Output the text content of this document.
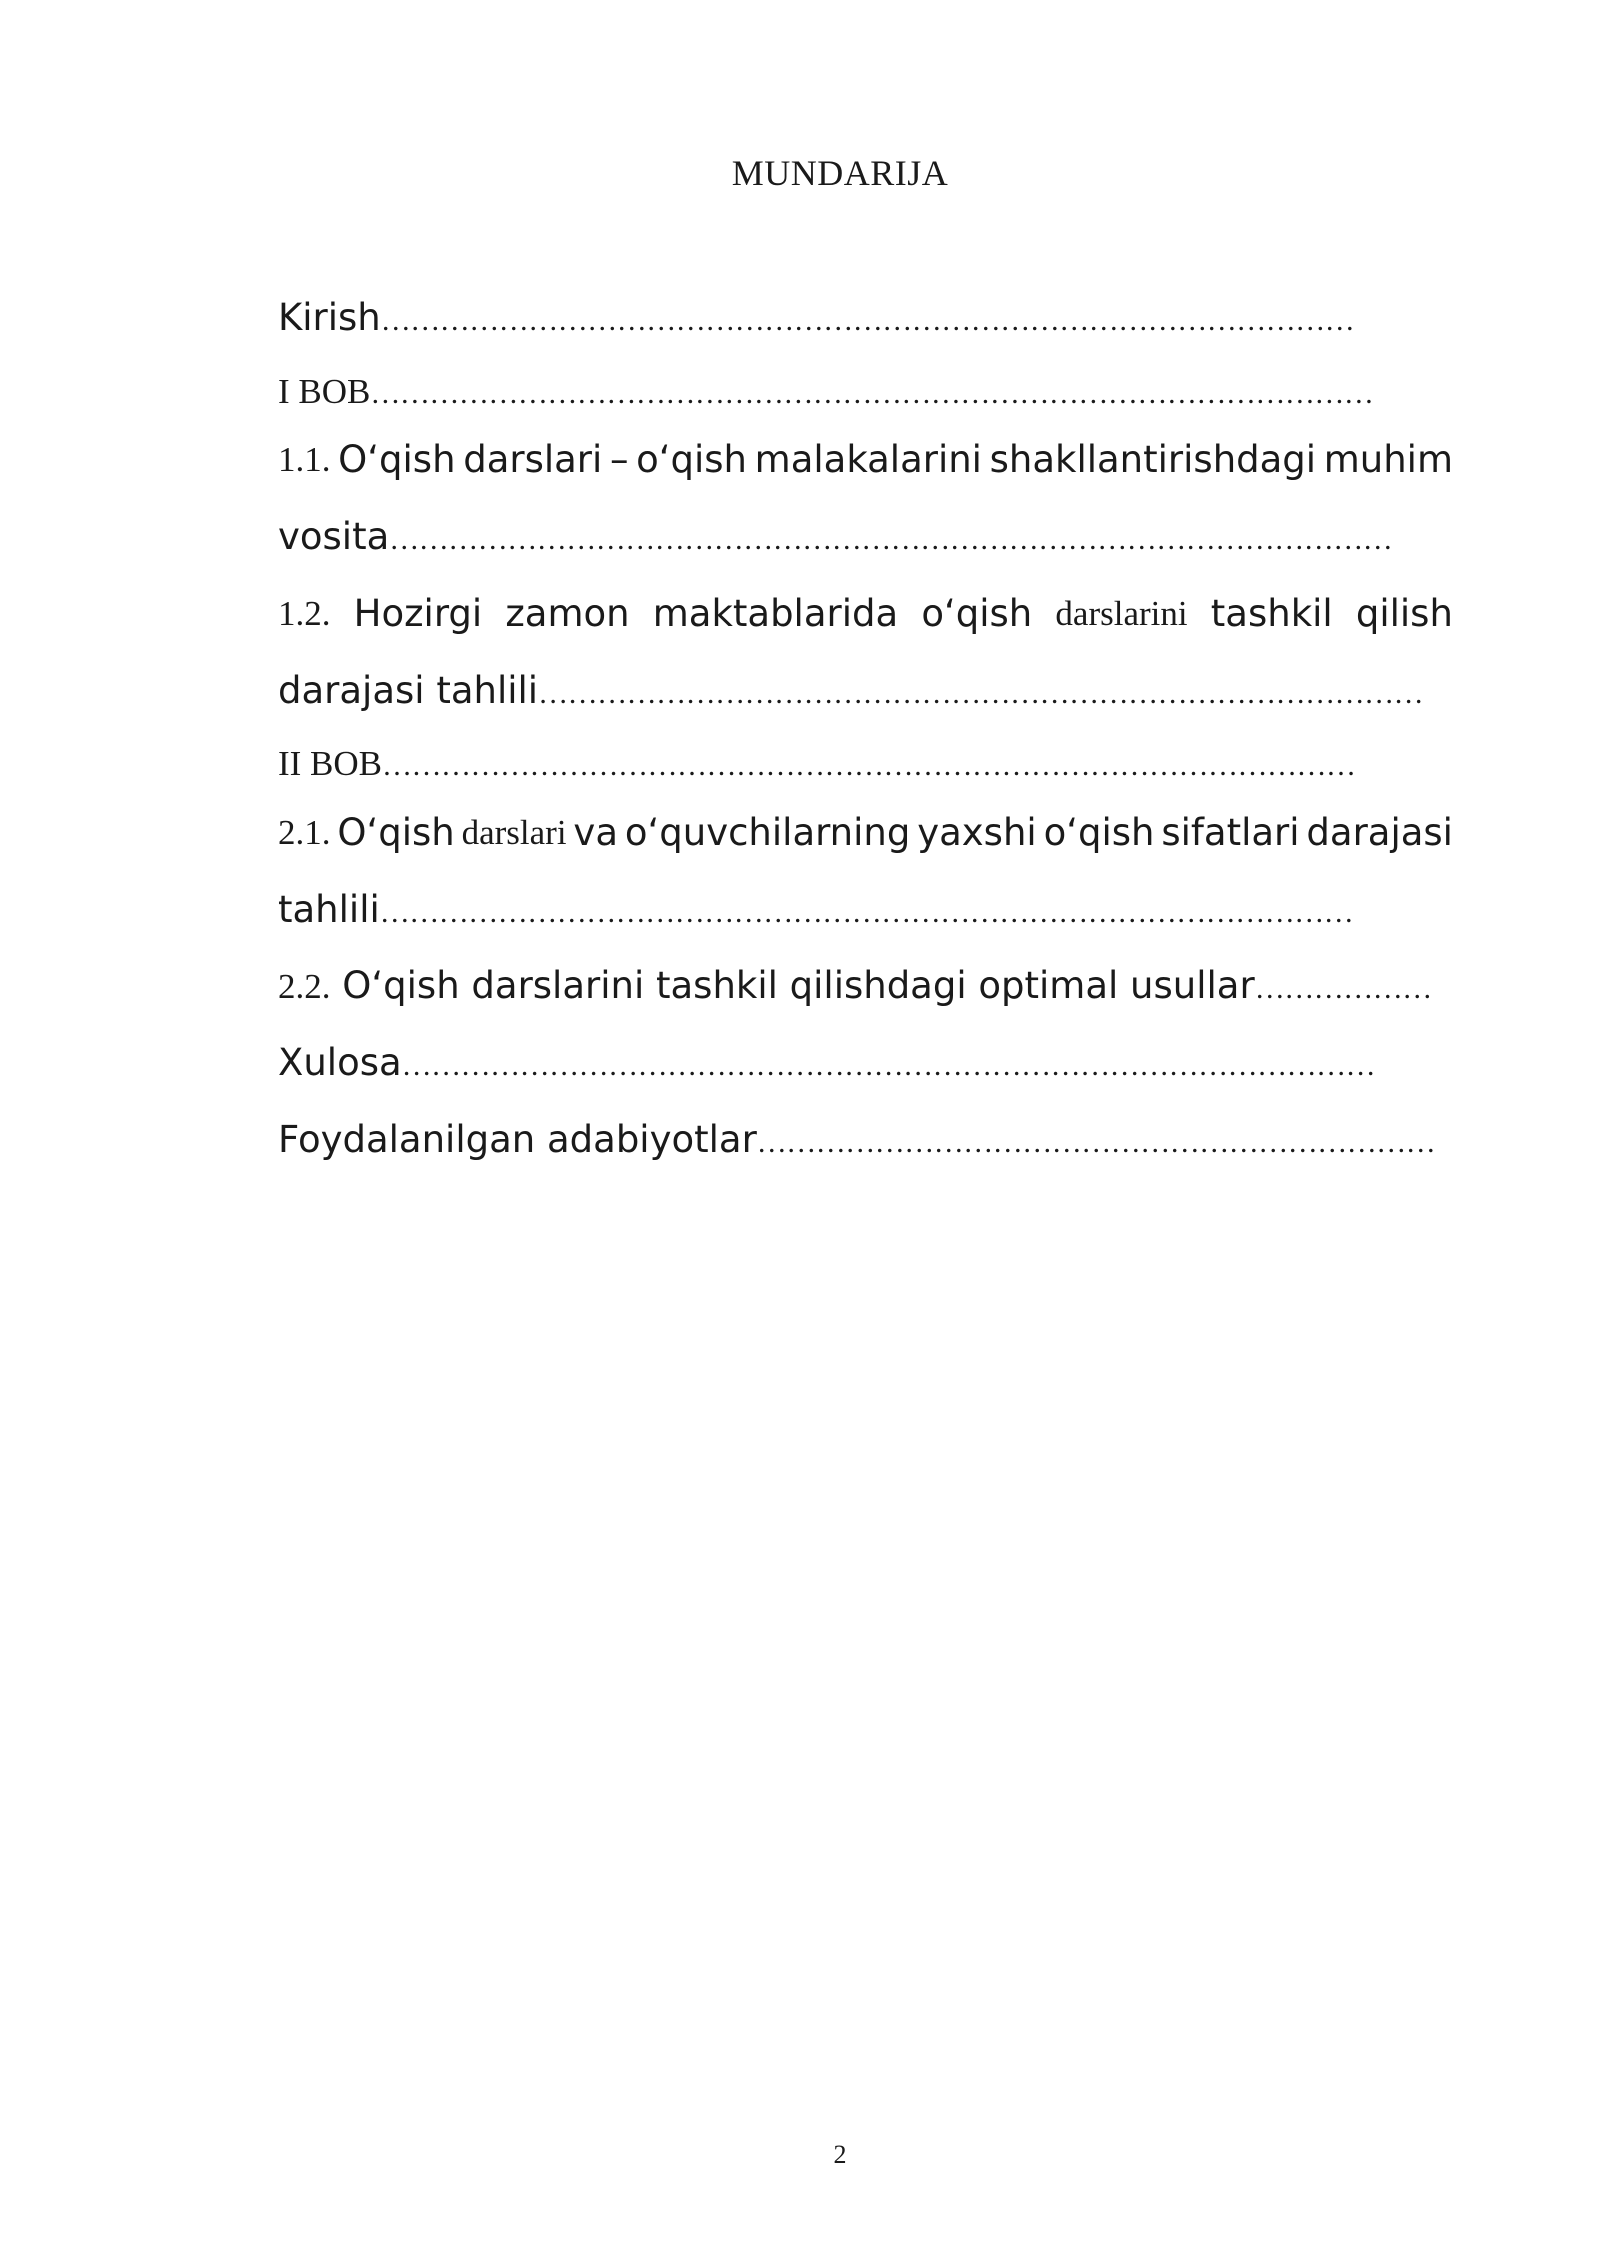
MUNDARIJA
Kirish………………………………………………………………………………………
I BOB…………………………………………………………………………………………
1.1. O‘qish darslari – o‘qish malakalarini shakllantirishdagi muhim
vosita…………………………………………………………………………………………
1.2. Hozirgi zamon maktablarida o‘qish darslarini tashkil qilish
darajasi tahlili………………………………………………………………………………
II BOB………………………………………………………………………………………
2.1. O‘qish darslari va o‘quvchilarning yaxshi o‘qish sifatlari darajasi
tahlili………………………………………………………………………………………
2.2. O‘qish darslarini tashkil qilishdagi optimal usullar………………
Xulosa………………………………………………………………………………………
Foydalanilgan adabiyotlar……………………………………………………………
2
